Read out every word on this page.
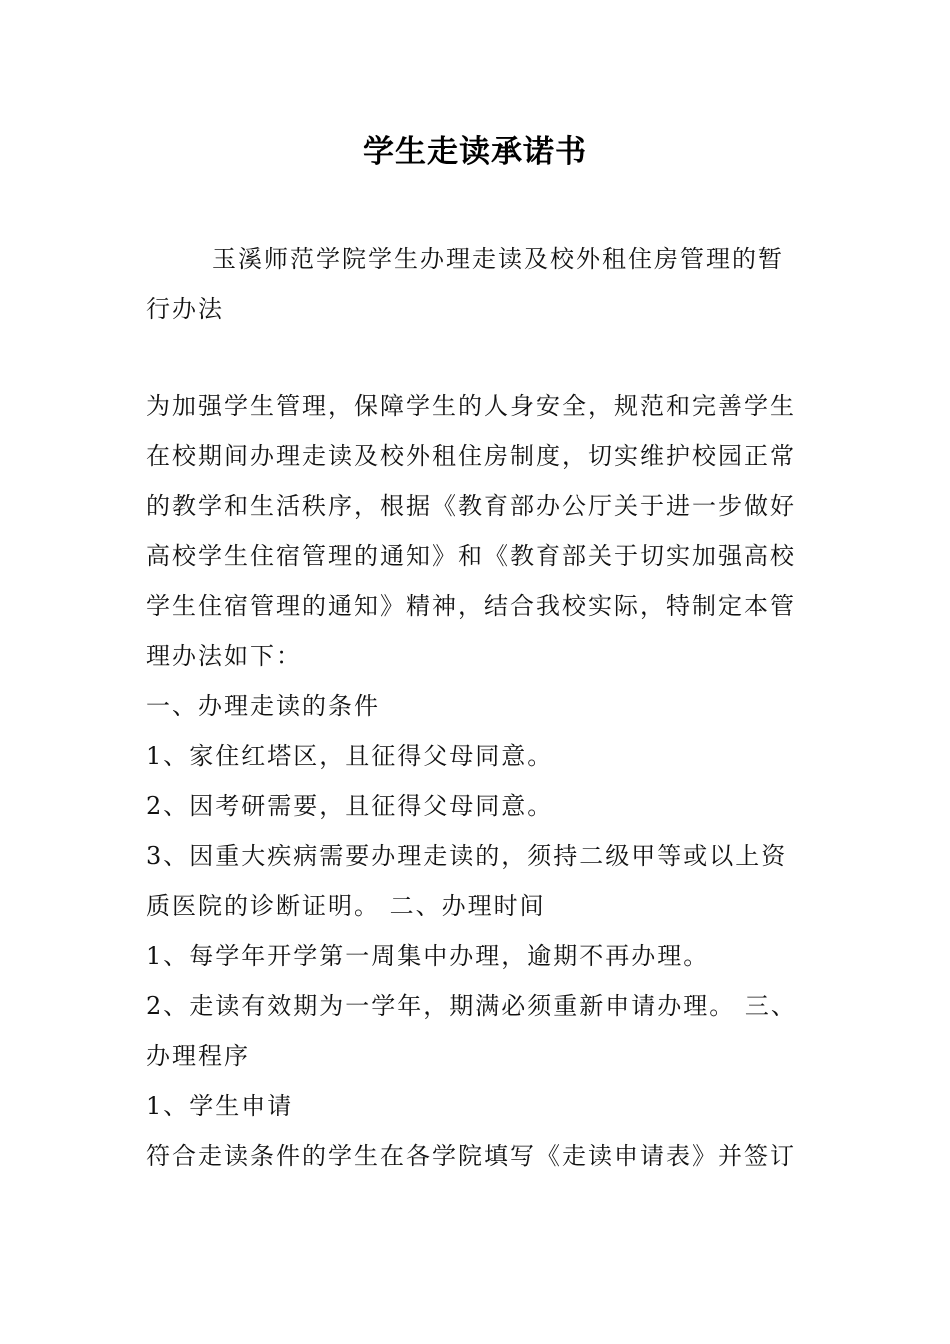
学生走读承诺书
玉溪师范学院学生办理走读及校外租住房管理的暂行办法

为加强学生管理，保障学生的人身安全，规范和完善学生在校期间办理走读及校外租住房制度，切实维护校园正常的教学和生活秩序，根据《教育部办公厅关于进一步做好高校学生住宿管理的通知》和《教育部关于切实加强高校学生住宿管理的通知》精神，结合我校实际，特制定本管理办法如下：

一、办理走读的条件

1、家住红塔区，且征得父母同意。

2、因考研需要，且征得父母同意。

3、因重大疾病需要办理走读的，须持二级甲等或以上资质医院的诊断证明。 二、办理时间

1、每学年开学第一周集中办理，逾期不再办理。

2、走读有效期为一学年，期满必须重新申请办理。 三、办理程序

1、学生申请

符合走读条件的学生在各学院填写《走读申请表》并签订
